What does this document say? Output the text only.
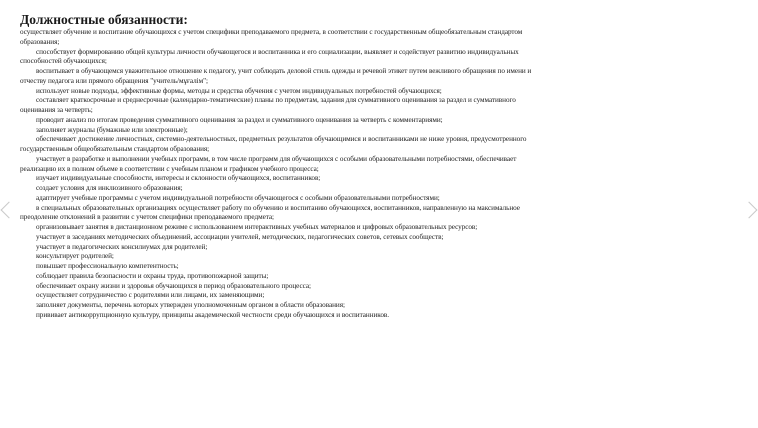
Должностные обязанности:
осуществляет обучение и воспитание обучающихся с учетом специфики преподаваемого предмета, в соответствии с государственным общеобязательным стандартом
образования;
способствует формированию общей культуры личности обучающегося и воспитанника и его социализации, выявляет и содействует развитию индивидуальных
способностей обучающихся;
воспитывает в обучающемся уважительное отношение к педагогу, учит соблюдать деловой стиль одежды и речевой этикет путем вежливого обращения по имени и
отчеству педагога или прямого обращения "учитель/мұғалім";
использует новые подходы, эффективные формы, методы и средства обучения с учетом индивидуальных потребностей обучающихся;
составляет краткосрочные и среднесрочные (календарно-тематические) планы по предметам, задания для суммативного оценивания за раздел и суммативного
оценивания за четверть;
проводит анализ по итогам проведения суммативного оценивания за раздел и суммативного оценивания за четверть с комментариями;
заполняет журналы (бумажные или электронные);
обеспечивает достижение личностных, системно-деятельностных, предметных результатов обучающимися и воспитанниками не ниже уровня, предусмотренного
государственным общеобязательным стандартом образования;
участвует в разработке и выполнении учебных программ, в том числе программ для обучающихся с особыми образовательными потребностями, обеспечивает
реализацию их в полном объеме в соответствии с учебным планом и графиком учебного процесса;
изучает индивидуальные способности, интересы и склонности обучающихся, воспитанников;
создает условия для инклюзивного образования;
адаптирует учебные программы с учетом индивидуальной потребности обучающегося с особыми образовательными потребностями;
в специальных образовательных организациях осуществляет работу по обучению и воспитанию обучающихся, воспитанников, направленную на максимальное
преодоление отклонений в развитии с учетом специфики преподаваемого предмета;
организовывает занятия в дистанционном режиме с использованием интерактивных учебных материалов и цифровых образовательных ресурсов;
участвует в заседаниях методических объединений, ассоциации учителей, методических, педагогических советов, сетевых сообществ;
участвует в педагогических консилиумах для родителей;
консультирует родителей;
повышает профессиональную компетентность;
соблюдает правила безопасности и охраны труда, противопожарной защиты;
обеспечивает охрану жизни и здоровья обучающихся в период образовательного процесса;
осуществляет сотрудничество с родителями или лицами, их заменяющими;
заполняет документы, перечень которых утвержден уполномоченным органом в области образования;
прививает антикоррупционную культуру, принципы академической честности среди обучающихся и воспитанников.
